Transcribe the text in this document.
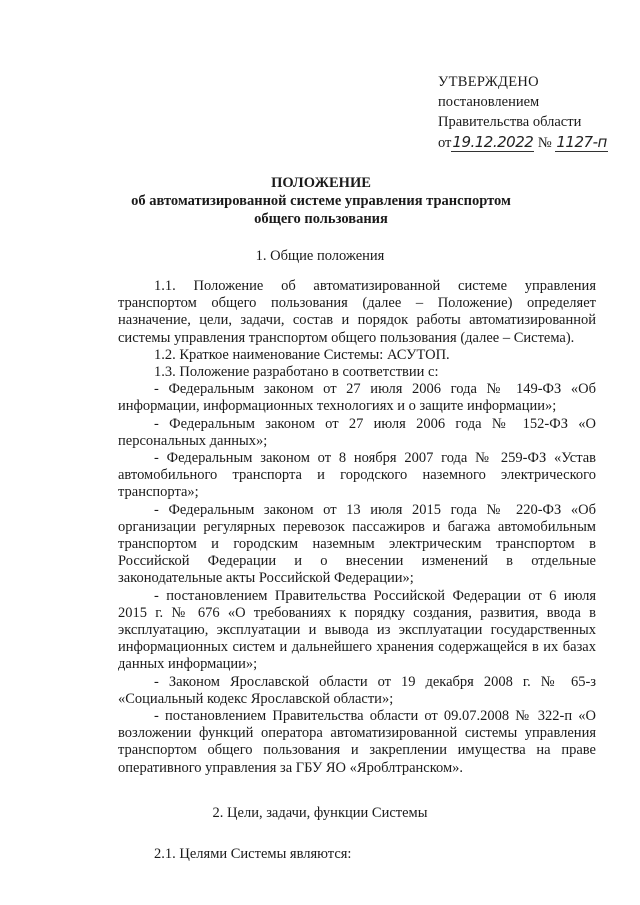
УТВЕРЖДЕНО
постановлением
Правительства области
от19.12.2022 № 1127-п
ПОЛОЖЕНИЕ
об автоматизированной системе управления транспортом общего пользования
1. Общие положения

1.1. Положение об автоматизированной системе управления транспортом общего пользования (далее – Положение) определяет назначение, цели, задачи, состав и порядок работы автоматизированной системы управления транспортом общего пользования (далее – Система).

1.2. Краткое наименование Системы: АСУТОП.

1.3. Положение разработано в соответствии с:

- Федеральным законом от 27 июля 2006 года № 149-ФЗ «Об информации, информационных технологиях и о защите информации»;

- Федеральным законом от 27 июля 2006 года № 152-ФЗ «О персональных данных»;

- Федеральным законом от 8 ноября 2007 года № 259-ФЗ «Устав автомобильного транспорта и городского наземного электрического транспорта»;

- Федеральным законом от 13 июля 2015 года № 220-ФЗ «Об организации регулярных перевозок пассажиров и багажа автомобильным транспортом и городским наземным электрическим транспортом в Российской Федерации и о внесении изменений в отдельные законодательные акты Российской Федерации»;

- постановлением Правительства Российской Федерации от 6 июля 2015 г. № 676 «О требованиях к порядку создания, развития, ввода в эксплуатацию, эксплуатации и вывода из эксплуатации государственных информационных систем и дальнейшего хранения содержащейся в их базах данных информации»;

- Законом Ярославской области от 19 декабря 2008 г. № 65-з «Социальный кодекс Ярославской области»;

- постановлением Правительства области от 09.07.2008 № 322-п «О возложении функций оператора автоматизированной системы управления транспортом общего пользования и закреплении имущества на праве оперативного управления за ГБУ ЯО «Яроблтранском».

2. Цели, задачи, функции Системы
2.1. Целями Системы являются:
